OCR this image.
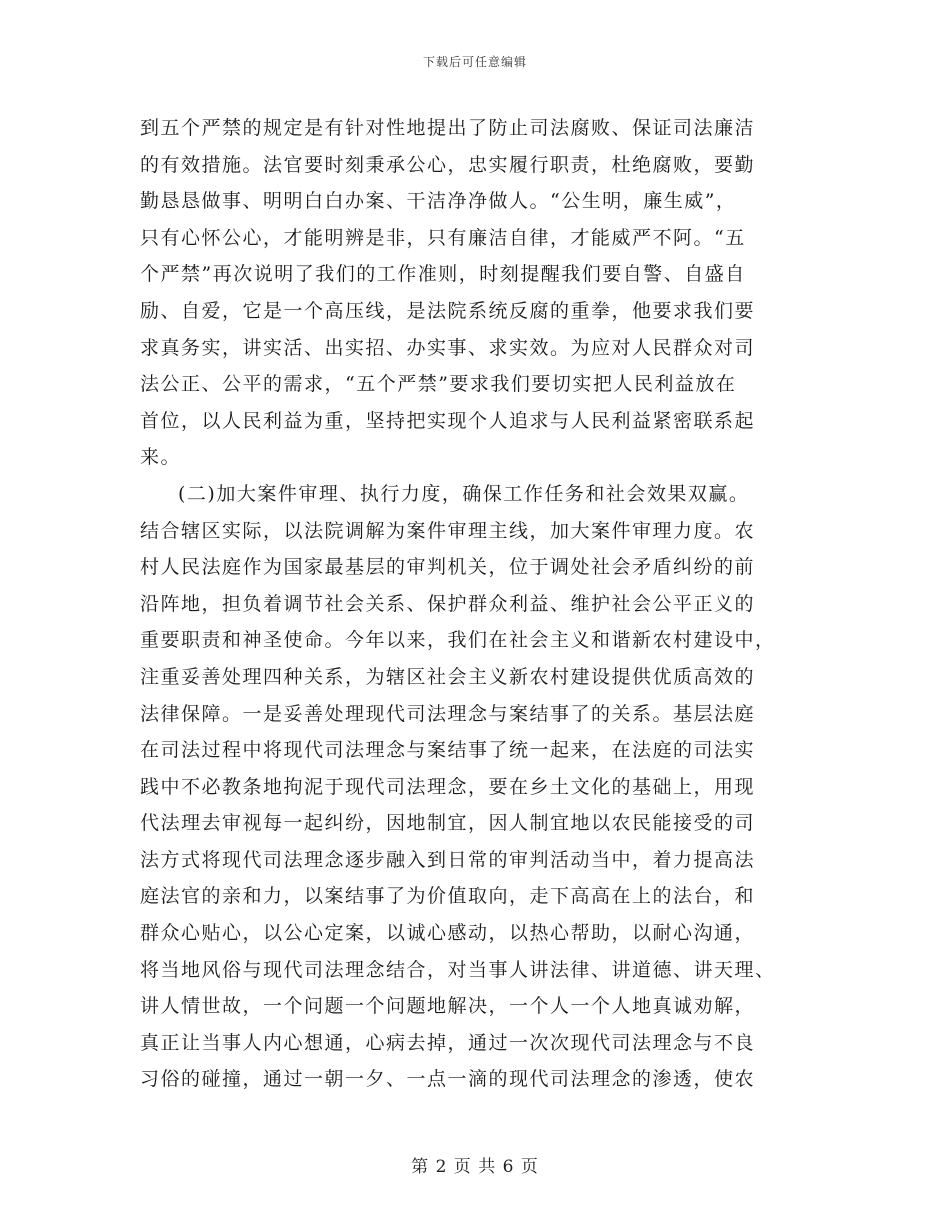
下载后可任意编辑
到五个严禁的规定是有针对性地提出了防止司法腐败、保证司法廉洁
的有效措施。法官要时刻秉承公心，忠实履行职责，杜绝腐败，要勤
勤恳恳做事、明明白白办案、干洁净净做人。“公生明，廉生威”，
只有心怀公心，才能明辨是非，只有廉洁自律，才能威严不阿。“五
个严禁”再次说明了我们的工作准则，时刻提醒我们要自警、自盛自
励、自爱，它是一个高压线，是法院系统反腐的重拳，他要求我们要
求真务实，讲实活、出实招、办实事、求实效。为应对人民群众对司
法公正、公平的需求，“五个严禁”要求我们要切实把人民利益放在
首位，以人民利益为重，坚持把实现个人追求与人民利益紧密联系起
来。
(二)加大案件审理、执行力度，确保工作任务和社会效果双赢。
结合辖区实际，以法院调解为案件审理主线，加大案件审理力度。农
村人民法庭作为国家最基层的审判机关，位于调处社会矛盾纠纷的前
沿阵地，担负着调节社会关系、保护群众利益、维护社会公平正义的
重要职责和神圣使命。今年以来，我们在社会主义和谐新农村建设中，
注重妥善处理四种关系，为辖区社会主义新农村建设提供优质高效的
法律保障。一是妥善处理现代司法理念与案结事了的关系。基层法庭
在司法过程中将现代司法理念与案结事了统一起来，在法庭的司法实
践中不必教条地拘泥于现代司法理念，要在乡土文化的基础上，用现
代法理去审视每一起纠纷，因地制宜，因人制宜地以农民能接受的司
法方式将现代司法理念逐步融入到日常的审判活动当中，着力提高法
庭法官的亲和力，以案结事了为价值取向，走下高高在上的法台，和
群众心贴心，以公心定案，以诚心感动，以热心帮助，以耐心沟通，
将当地风俗与现代司法理念结合，对当事人讲法律、讲道德、讲天理、
讲人情世故，一个问题一个问题地解决，一个人一个人地真诚劝解，
真正让当事人内心想通，心病去掉，通过一次次现代司法理念与不良
习俗的碰撞，通过一朝一夕、一点一滴的现代司法理念的渗透，使农
第 2 页 共 6 页
